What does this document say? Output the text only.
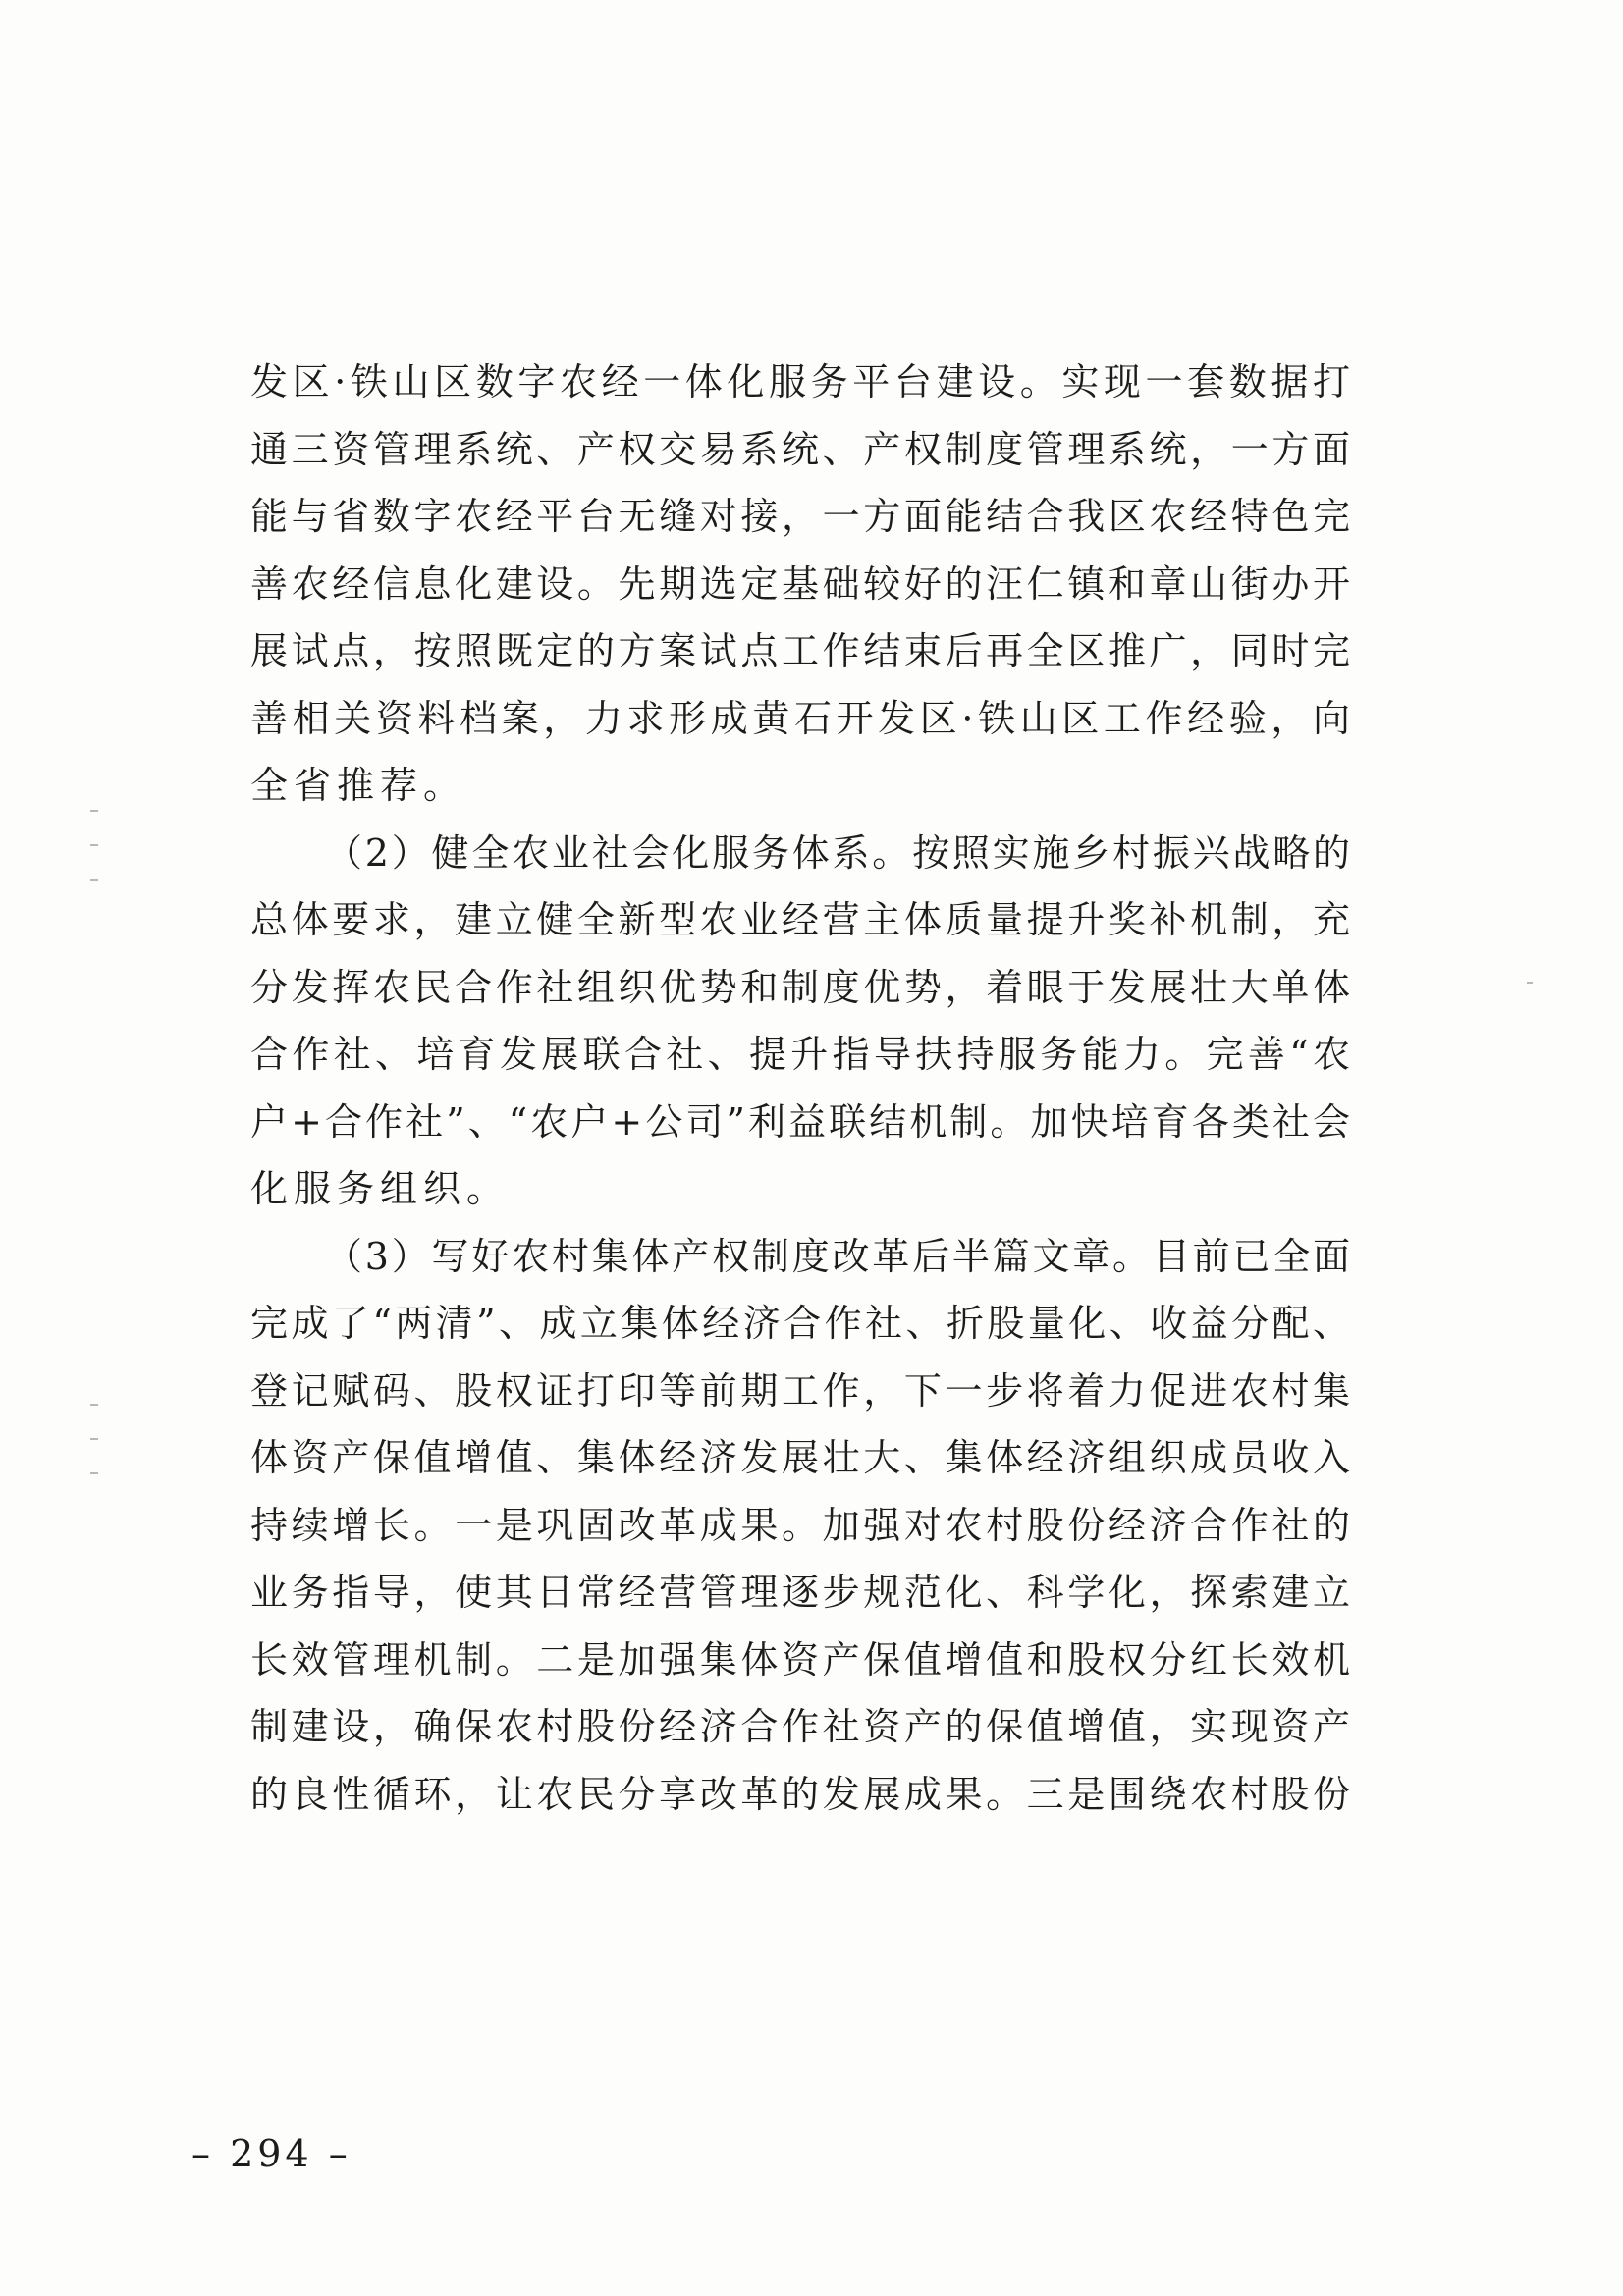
发区·铁山区数字农经一体化服务平台建设。实现一套数据打
通三资管理系统、产权交易系统、产权制度管理系统，一方面
能与省数字农经平台无缝对接，一方面能结合我区农经特色完
善农经信息化建设。先期选定基础较好的汪仁镇和章山街办开
展试点，按照既定的方案试点工作结束后再全区推广，同时完
善相关资料档案，力求形成黄石开发区·铁山区工作经验，向
全省推荐。
（2）健全农业社会化服务体系。按照实施乡村振兴战略的
总体要求，建立健全新型农业经营主体质量提升奖补机制，充
分发挥农民合作社组织优势和制度优势，着眼于发展壮大单体
合作社、培育发展联合社、提升指导扶持服务能力。完善“农
户+合作社”、“农户+公司”利益联结机制。加快培育各类社会
化服务组织。
（3）写好农村集体产权制度改革后半篇文章。目前已全面
完成了“两清”、成立集体经济合作社、折股量化、收益分配、
登记赋码、股权证打印等前期工作，下一步将着力促进农村集
体资产保值增值、集体经济发展壮大、集体经济组织成员收入
持续增长。一是巩固改革成果。加强对农村股份经济合作社的
业务指导，使其日常经营管理逐步规范化、科学化，探索建立
长效管理机制。二是加强集体资产保值增值和股权分红长效机
制建设，确保农村股份经济合作社资产的保值增值，实现资产
的良性循环，让农民分享改革的发展成果。三是围绕农村股份
– 294 –
